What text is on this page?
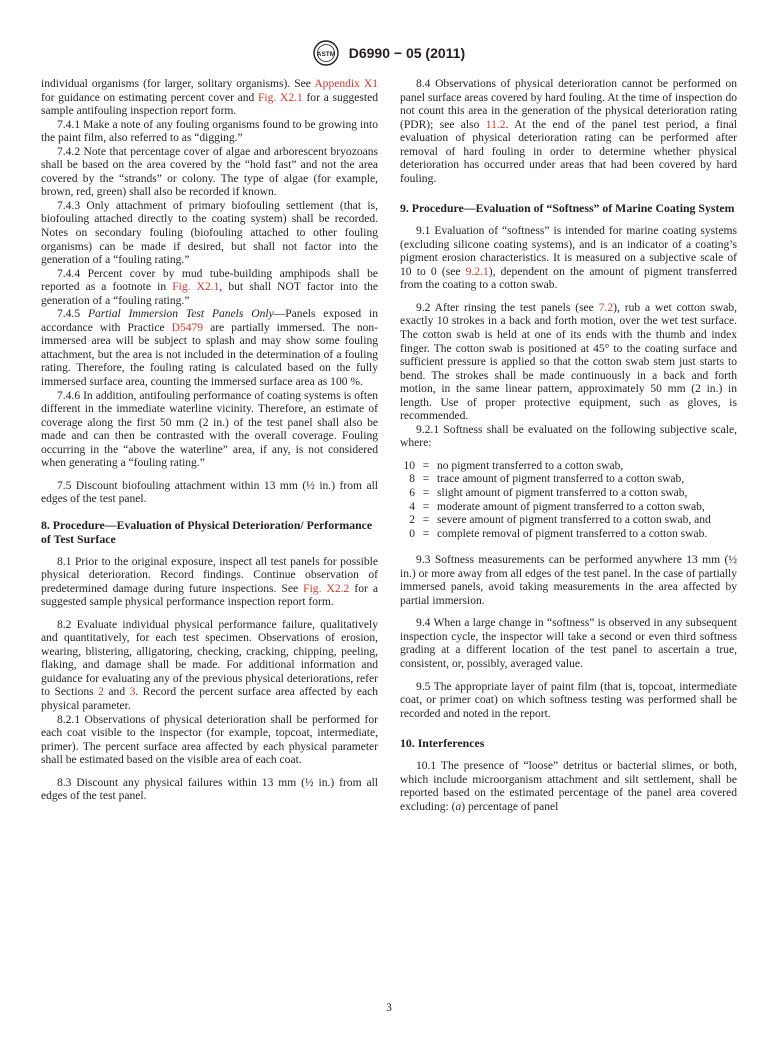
ASTM D6990 − 05 (2011)

individual organisms (for larger, solitary organisms). See Appendix X1 for guidance on estimating percent cover and Fig. X2.1 for a suggested sample antifouling inspection report form.

7.4.1 Make a note of any fouling organisms found to be growing into the paint film, also referred to as “digging.”

7.4.2 Note that percentage cover of algae and arborescent bryozoans shall be based on the area covered by the “hold fast” and not the area covered by the “strands” or colony. The type of algae (for example, brown, red, green) shall also be recorded if known.

7.4.3 Only attachment of primary biofouling settlement (that is, biofouling attached directly to the coating system) shall be recorded. Notes on secondary fouling (biofouling attached to other fouling organisms) can be made if desired, but shall not factor into the generation of a “fouling rating.”

7.4.4 Percent cover by mud tube-building amphipods shall be reported as a footnote in Fig. X2.1, but shall NOT factor into the generation of a “fouling rating.”

7.4.5 Partial Immersion Test Panels Only—Panels exposed in accordance with Practice D5479 are partially immersed. The non-immersed area will be subject to splash and may show some fouling attachment, but the area is not included in the determination of a fouling rating. Therefore, the fouling rating is calculated based on the fully immersed surface area, counting the immersed surface area as 100 %.

7.4.6 In addition, antifouling performance of coating systems is often different in the immediate waterline vicinity. Therefore, an estimate of coverage along the first 50 mm (2 in.) of the test panel shall also be made and can then be contrasted with the overall coverage. Fouling occurring in the “above the waterline” area, if any, is not considered when generating a “fouling rating.”

7.5 Discount biofouling attachment within 13 mm (½ in.) from all edges of the test panel.

8. Procedure—Evaluation of Physical Deterioration/ Performance of Test Surface

8.1 Prior to the original exposure, inspect all test panels for possible physical deterioration. Record findings. Continue observation of predetermined damage during future inspections. See Fig. X2.2 for a suggested sample physical performance inspection report form.

8.2 Evaluate individual physical performance failure, qualitatively and quantitatively, for each test specimen. Observations of erosion, wearing, blistering, alligatoring, checking, cracking, chipping, peeling, flaking, and damage shall be made. For additional information and guidance for evaluating any of the previous physical deteriorations, refer to Sections 2 and 3. Record the percent surface area affected by each physical parameter.

8.2.1 Observations of physical deterioration shall be performed for each coat visible to the inspector (for example, topcoat, intermediate, primer). The percent surface area affected by each physical parameter shall be estimated based on the visible area of each coat.

8.3 Discount any physical failures within 13 mm (½ in.) from all edges of the test panel.

8.4 Observations of physical deterioration cannot be performed on panel surface areas covered by hard fouling. At the time of inspection do not count this area in the generation of the physical deterioration rating (PDR); see also 11.2. At the end of the panel test period, a final evaluation of physical deterioration rating can be performed after removal of hard fouling in order to determine whether physical deterioration has occurred under areas that had been covered by hard fouling.

9. Procedure—Evaluation of “Softness” of Marine Coating System

9.1 Evaluation of “softness” is intended for marine coating systems (excluding silicone coating systems), and is an indicator of a coating’s pigment erosion characteristics. It is measured on a subjective scale of 10 to 0 (see 9.2.1), dependent on the amount of pigment transferred from the coating to a cotton swab.

9.2 After rinsing the test panels (see 7.2), rub a wet cotton swab, exactly 10 strokes in a back and forth motion, over the wet test surface. The cotton swab is held at one of its ends with the thumb and index finger. The cotton swab is positioned at 45° to the coating surface and sufficient pressure is applied so that the cotton swab stem just starts to bend. The strokes shall be made continuously in a back and forth motion, in the same linear pattern, approximately 50 mm (2 in.) in length. Use of proper protective equipment, such as gloves, is recommended.

9.2.1 Softness shall be evaluated on the following subjective scale, where:

10	=	no pigment transferred to a cotton swab,
8	=	trace amount of pigment transferred to a cotton swab,
6	=	slight amount of pigment transferred to a cotton swab,
4	=	moderate amount of pigment transferred to a cotton swab,
2	=	severe amount of pigment transferred to a cotton swab, and
0	=	complete removal of pigment transferred to a cotton swab.

9.3 Softness measurements can be performed anywhere 13 mm (½ in.) or more away from all edges of the test panel. In the case of partially immersed panels, avoid taking measurements in the area affected by partial immersion.

9.4 When a large change in “softness” is observed in any subsequent inspection cycle, the inspector will take a second or even third softness grading at a different location of the test panel to ascertain a true, consistent, or, possibly, averaged value.

9.5 The appropriate layer of paint film (that is, topcoat, intermediate coat, or primer coat) on which softness testing was performed shall be recorded and noted in the report.

10. Interferences

10.1 The presence of “loose” detritus or bacterial slimes, or both, which include microorganism attachment and silt settlement, shall be reported based on the estimated percentage of the panel area covered excluding: (a) percentage of panel

3
